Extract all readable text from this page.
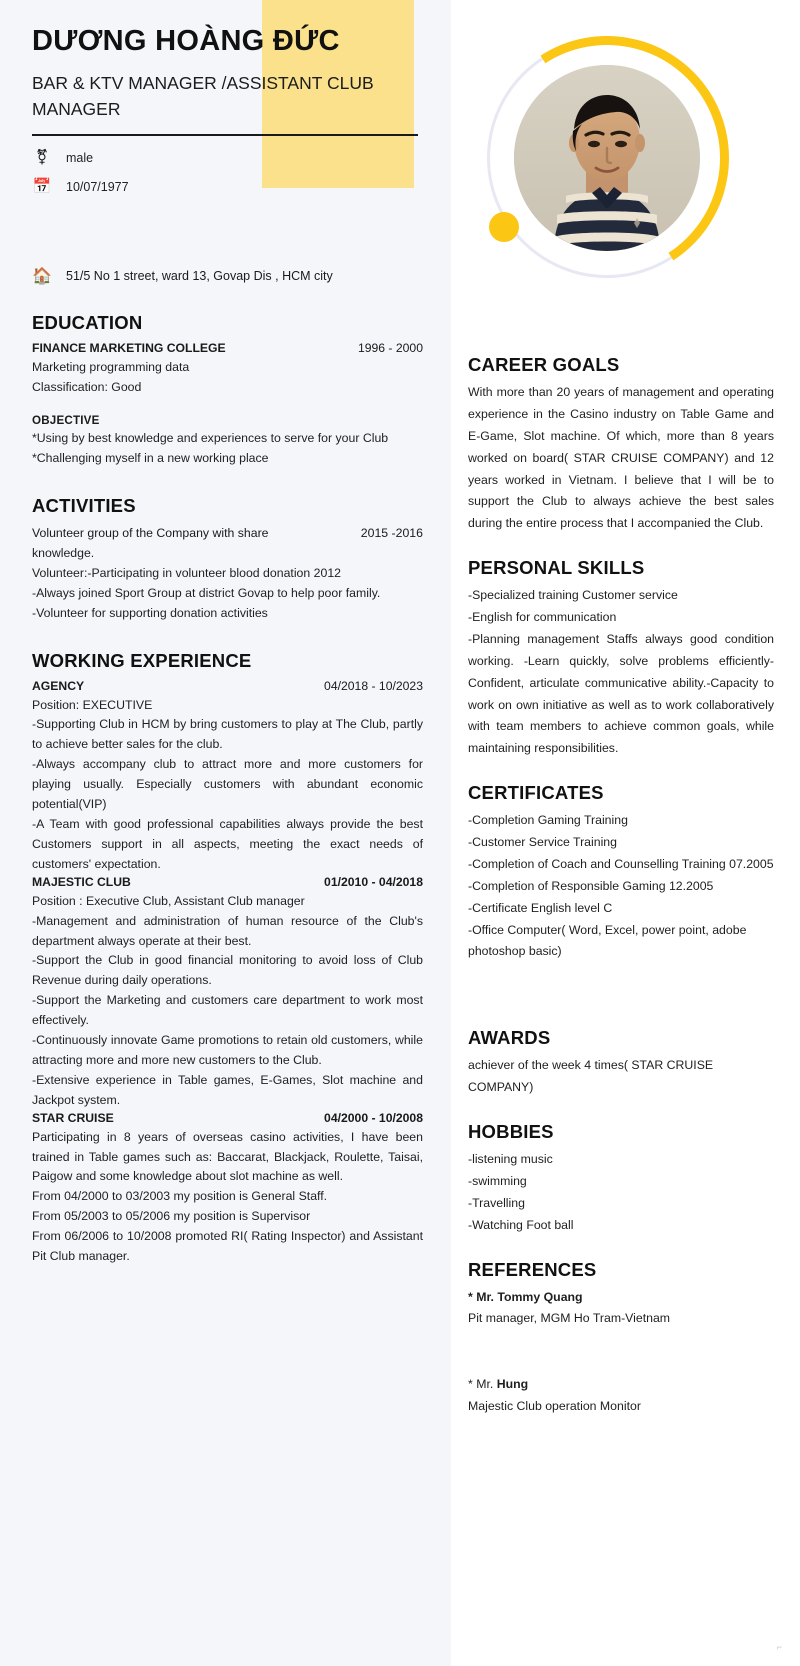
DƯƠNG HOÀNG ĐỨC

BAR & KTV MANAGER /ASSISTANT CLUB MANAGER

⚧ male
📅 10/07/1977
🏠 51/5 No 1 street, ward 13, Govap Dis , HCM city
EDUCATION
FINANCE MARKETING COLLEGE	1996 - 2000

Marketing programming data

Classification: Good

OBJECTIVE

*Using by best knowledge and experiences to serve for your Club

*Challenging myself in a new working place

ACTIVITIES
Volunteer group of the Company with share	2015 -2016

knowledge.

Volunteer:-Participating in volunteer blood donation 2012

-Always joined Sport Group at district Govap to help poor family.

-Volunteer for supporting donation activities

WORKING EXPERIENCE
AGENCY	04/2018 - 10/2023

Position: EXECUTIVE

-Supporting Club in HCM by bring customers to play at The Club, partly to achieve better sales for the club.

-Always accompany club to attract more and more customers for playing usually. Especially customers with abundant economic potential(VIP)

-A Team with good professional capabilities always provide the best Customers support in all aspects, meeting the exact needs of customers' expectation.

MAJESTIC CLUB	01/2010 - 04/2018

Position : Executive Club, Assistant Club manager

-Management and administration of human resource of the Club's department always operate at their best.

-Support the Club in good financial monitoring to avoid loss of Club Revenue during daily operations.

-Support the Marketing and customers care department to work most effectively.

-Continuously innovate Game promotions to retain old customers, while attracting more and more new customers to the Club.

-Extensive experience in Table games, E-Games, Slot machine and Jackpot system.

STAR CRUISE	04/2000 - 10/2008

Participating in 8 years of overseas casino activities, I have been trained in Table games such as: Baccarat, Blackjack, Roulette, Taisai, Paigow and some knowledge about slot machine as well.

From 04/2000 to 03/2003 my position is General Staff.

From 05/2003 to 05/2006 my position is Supervisor

From 06/2006 to 10/2008 promoted RI( Rating Inspector) and Assistant Pit Club manager.

CAREER GOALS

With more than 20 years of management and operating experience in the Casino industry on Table Game and E-Game, Slot machine. Of which, more than 8 years worked on board( STAR CRUISE COMPANY) and 12 years worked in Vietnam. I believe that I will be to support the Club to always achieve the best sales during the entire process that I accompanied the Club.

PERSONAL SKILLS

-Specialized training Customer service

-English for communication

-Planning management Staffs always good condition working. -Learn quickly, solve problems efficiently-Confident, articulate communicative ability.-Capacity to work on own initiative as well as to work collaboratively with team members to achieve common goals, while maintaining responsibilities.

CERTIFICATES

-Completion Gaming Training

-Customer Service Training

-Completion of Coach and Counselling Training 07.2005

-Completion of Responsible Gaming 12.2005

-Certificate English level C

-Office Computer( Word, Excel, power point, adobe photoshop basic)

AWARDS

achiever of the week 4 times( STAR CRUISE COMPANY)

HOBBIES

-listening music

-swimming

-Travelling

-Watching Foot ball

REFERENCES

* Mr. Tommy Quang

Pit manager, MGM Ho Tram-Vietnam

* Mr. Hung

Majestic Club operation Monitor

⌐
